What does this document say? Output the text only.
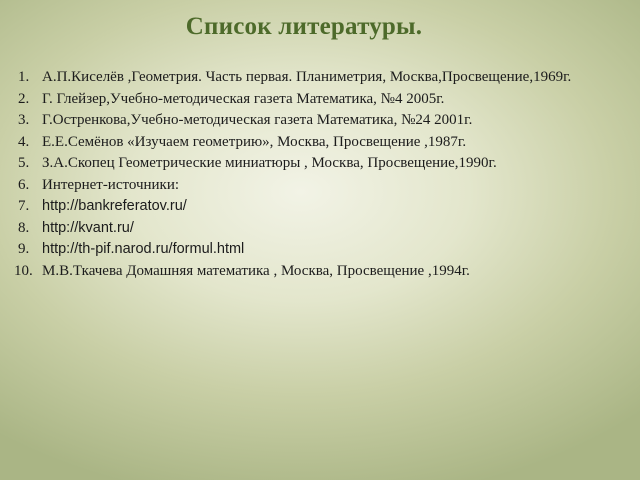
Список литературы.
1. А.П.Киселёв ,Геометрия. Часть первая. Планиметрия, Москва,Просвещение,1969г.
2. Г. Глейзер,Учебно-методическая газета Математика, №4 2005г.
3. Г.Остренкова,Учебно-методическая газета Математика, №24 2001г.
4. Е.Е.Семёнов «Изучаем геометрию», Москва, Просвещение ,1987г.
5. З.А.Скопец Геометрические миниатюры , Москва, Просвещение,1990г.
6. Интернет-источники:
7. http://bankreferatov.ru/
8. http://kvant.ru/
9. http://th-pif.narod.ru/formul.html
10. М.В.Ткачева Домашняя математика , Москва, Просвещение ,1994г.
